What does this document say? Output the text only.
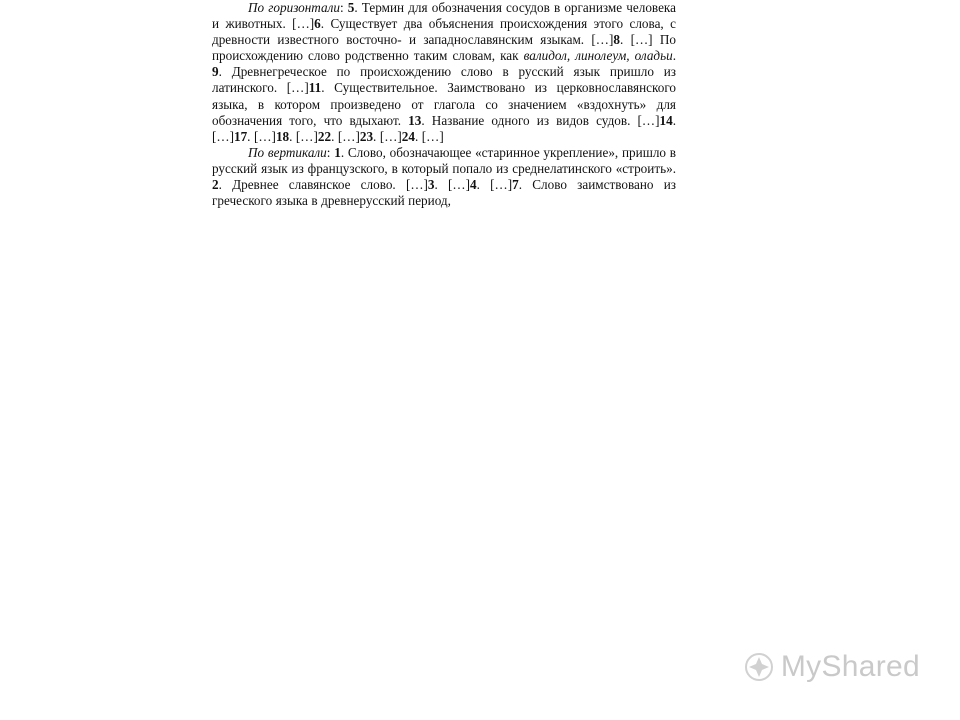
По горизонтали: 5. Термин для обозначения сосудов в организме человека и животных. […]6. Существует два объяснения происхождения этого слова, с древности известного восточно- и западнославянским языкам. […]8. […] По происхождению слово родственно таким словам, как валидол, линолеум, оладьи. 9. Древнегреческое по происхождению слово в русский язык пришло из латинского. […]11. Существительное. Заимствовано из церковнославянского языка, в котором произведено от глагола со значением «вздохнуть» для обозначения того, что вдыхают. 13. Название одного из видов судов. […]14. […]17. […]18. […]22. […]23. […]24. […]

По вертикали: 1. Слово, обозначающее «старинное укрепление», пришло в русский язык из французского, в который попало из среднелатинского «строить». 2. Древнее славянское слово. […]3. […]4. […]7. Слово заимствовано из греческого языка в древнерусский период,

MyShared
